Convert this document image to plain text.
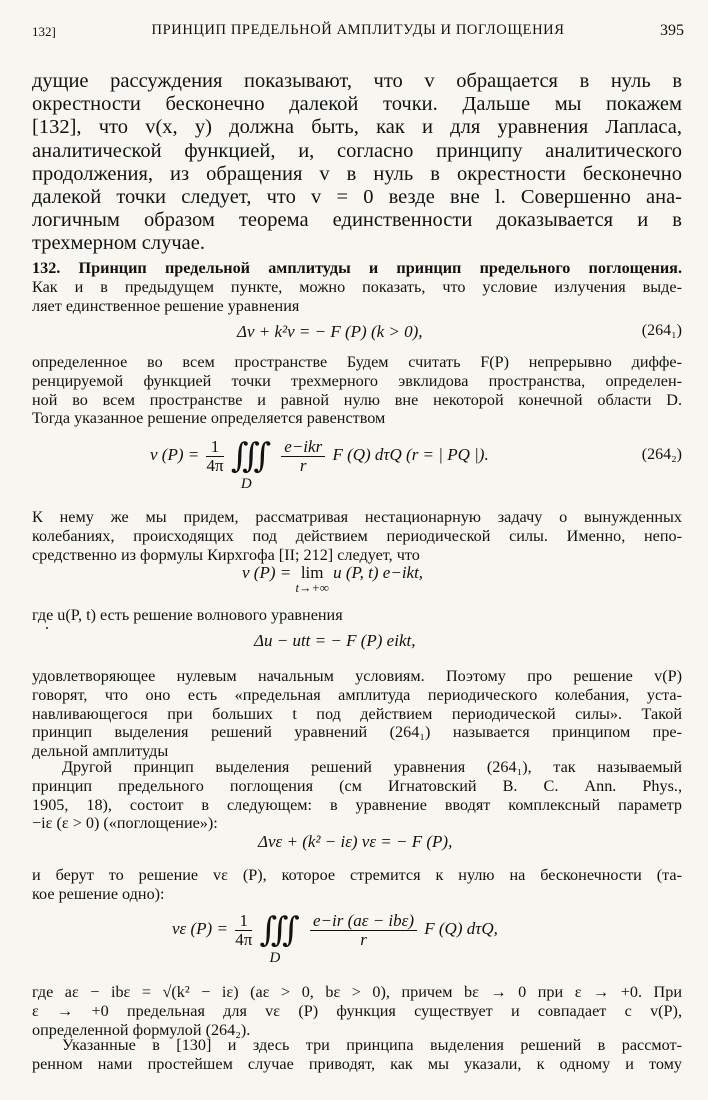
132]	ПРИНЦИП ПРЕДЕЛЬНОЙ АМПЛИТУДЫ И ПОГЛОЩЕНИЯ	395
дущие рассуждения показывают, что v обращается в нуль в
окрестности бесконечно далекой точки. Дальше мы покажем
[132], что v(x, y) должна быть, как и для уравнения Лапласа,
аналитической функцией, и, согласно принципу аналитического
продолжения, из обращения v в нуль в окрестности бесконечно
далекой точки следует, что v = 0 везде вне l. Совершенно ана-
логичным образом теорема единственности доказывается и в
трехмерном случае.
132. Принцип предельной амплитуды и принцип предельного поглощения.
Как и в предыдущем пункте, можно показать, что условие излучения выде-
ляет единственное решение уравнения
Δv + k²v = − F (P) (k > 0),	(264₁)
определенное во всем пространстве Будем считать F(P) непрерывно диффе-
ренцируемой функцией точки трехмерного эвклидова пространства, определен-
ной во всем пространстве и равной нулю вне некоторой конечной области D.
Тогда указанное решение определяется равенством
v $(P) = \frac{1}{4\pi}$ ∭
D

$\frac{\text{e−ikr}}{r}$ F (Q) dτQ (r = | PQ |).	(264₂)
К нему же мы придем, рассматривая нестационарную задачу о вынужденных
колебаниях, происходящих под действием периодической силы. Именно, непо-
средственно из формулы Кирхгофа [II; 212] следует, что
v (P) = lim
t→+∞
u (P, t) e−ikt,
где u(P, t) есть решение волнового уравнения
Δu − utt = − F (P) eikt,
удовлетворяющее нулевым начальным условиям. Поэтому про решение v(P)
говорят, что оно есть «предельная амплитуда периодического колебания, уста-
навливающегося при больших t под действием периодической силы». Такой
принцип выделения решений уравнений (264₁) называется принципом пре-
дельной амплитуды
Другой принцип выделения решений уравнения (264₁), так называемый
принцип предельного поглощения (см Игнатовский В. С. Ann. Phys.,
1905, 18), состоит в следующем: в уравнение вводят комплексный параметр
−iε (ε > 0) («поглощение»):
Δvε + (k² − iε) vε = − F (P),
и берут то решение vε (P), которое стремится к нулю на бесконечности (та-
кое решение одно):
vε $(P) = \frac{1}{4\pi}$ ∭
D

$\frac{\text{e−ir (aε − ibε)}}{r}$ F (Q) dτQ,
где aε − ibε = √(k² − iε) (aε > 0, bε > 0), причем bε → 0 при ε → +0. При
ε → +0 предельная для vε (P) функция существует и совпадает с v(P),
определенной формулой (264₂).
Указанные в [130] и здесь три принципа выделения решений в рассмот-
ренном нами простейшем случае приводят, как мы указали, к одному и тому
